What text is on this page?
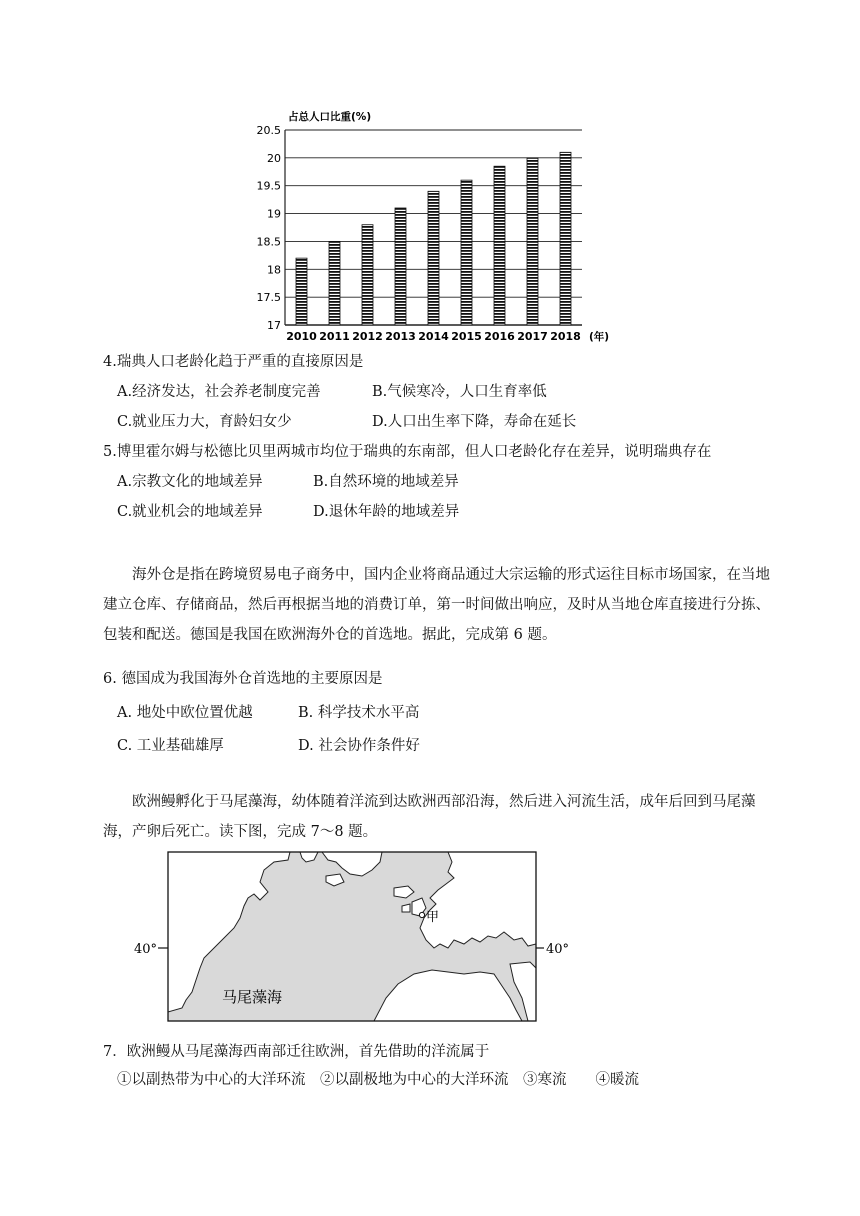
占总人口比重(%)
20.5
20
19.5
19
18.5
18
17.5
17
2010 2011 2012 2013 2014 2015 2016 2017 2018 (年)
4.瑞典人口老龄化趋于严重的直接原因是
A.经济发达，社会养老制度完善	B.气候寒冷，人口生育率低
C.就业压力大，育龄妇女少	D.人口出生率下降，寿命在延长
5.博里霍尔姆与松德比贝里两城市均位于瑞典的东南部，但人口老龄化存在差异，说明瑞典存在
A.宗教文化的地域差异	B.自然环境的地域差异
C.就业机会的地域差异	D.退休年龄的地域差异
海外仓是指在跨境贸易电子商务中，国内企业将商品通过大宗运输的形式运往目标市场国家，在当地建立仓库、存储商品，然后再根据当地的消费订单，第一时间做出响应，及时从当地仓库直接进行分拣、包装和配送。德国是我国在欧洲海外仓的首选地。据此，完成第 6 题。
6. 德国成为我国海外仓首选地的主要原因是
A. 地处中欧位置优越	B. 科学技术水平高
C. 工业基础雄厚	D. 社会协作条件好
欧洲鳗孵化于马尾藻海，幼体随着洋流到达欧洲西部沿海，然后进入河流生活，成年后回到马尾藻海，产卵后死亡。读下图，完成 7～8 题。
40°	40°
甲
马尾藻海
7．欧洲鳗从马尾藻海西南部迁往欧洲，首先借助的洋流属于
①以副热带为中心的大洋环流　②以副极地为中心的大洋环流　③寒流　　④暖流
